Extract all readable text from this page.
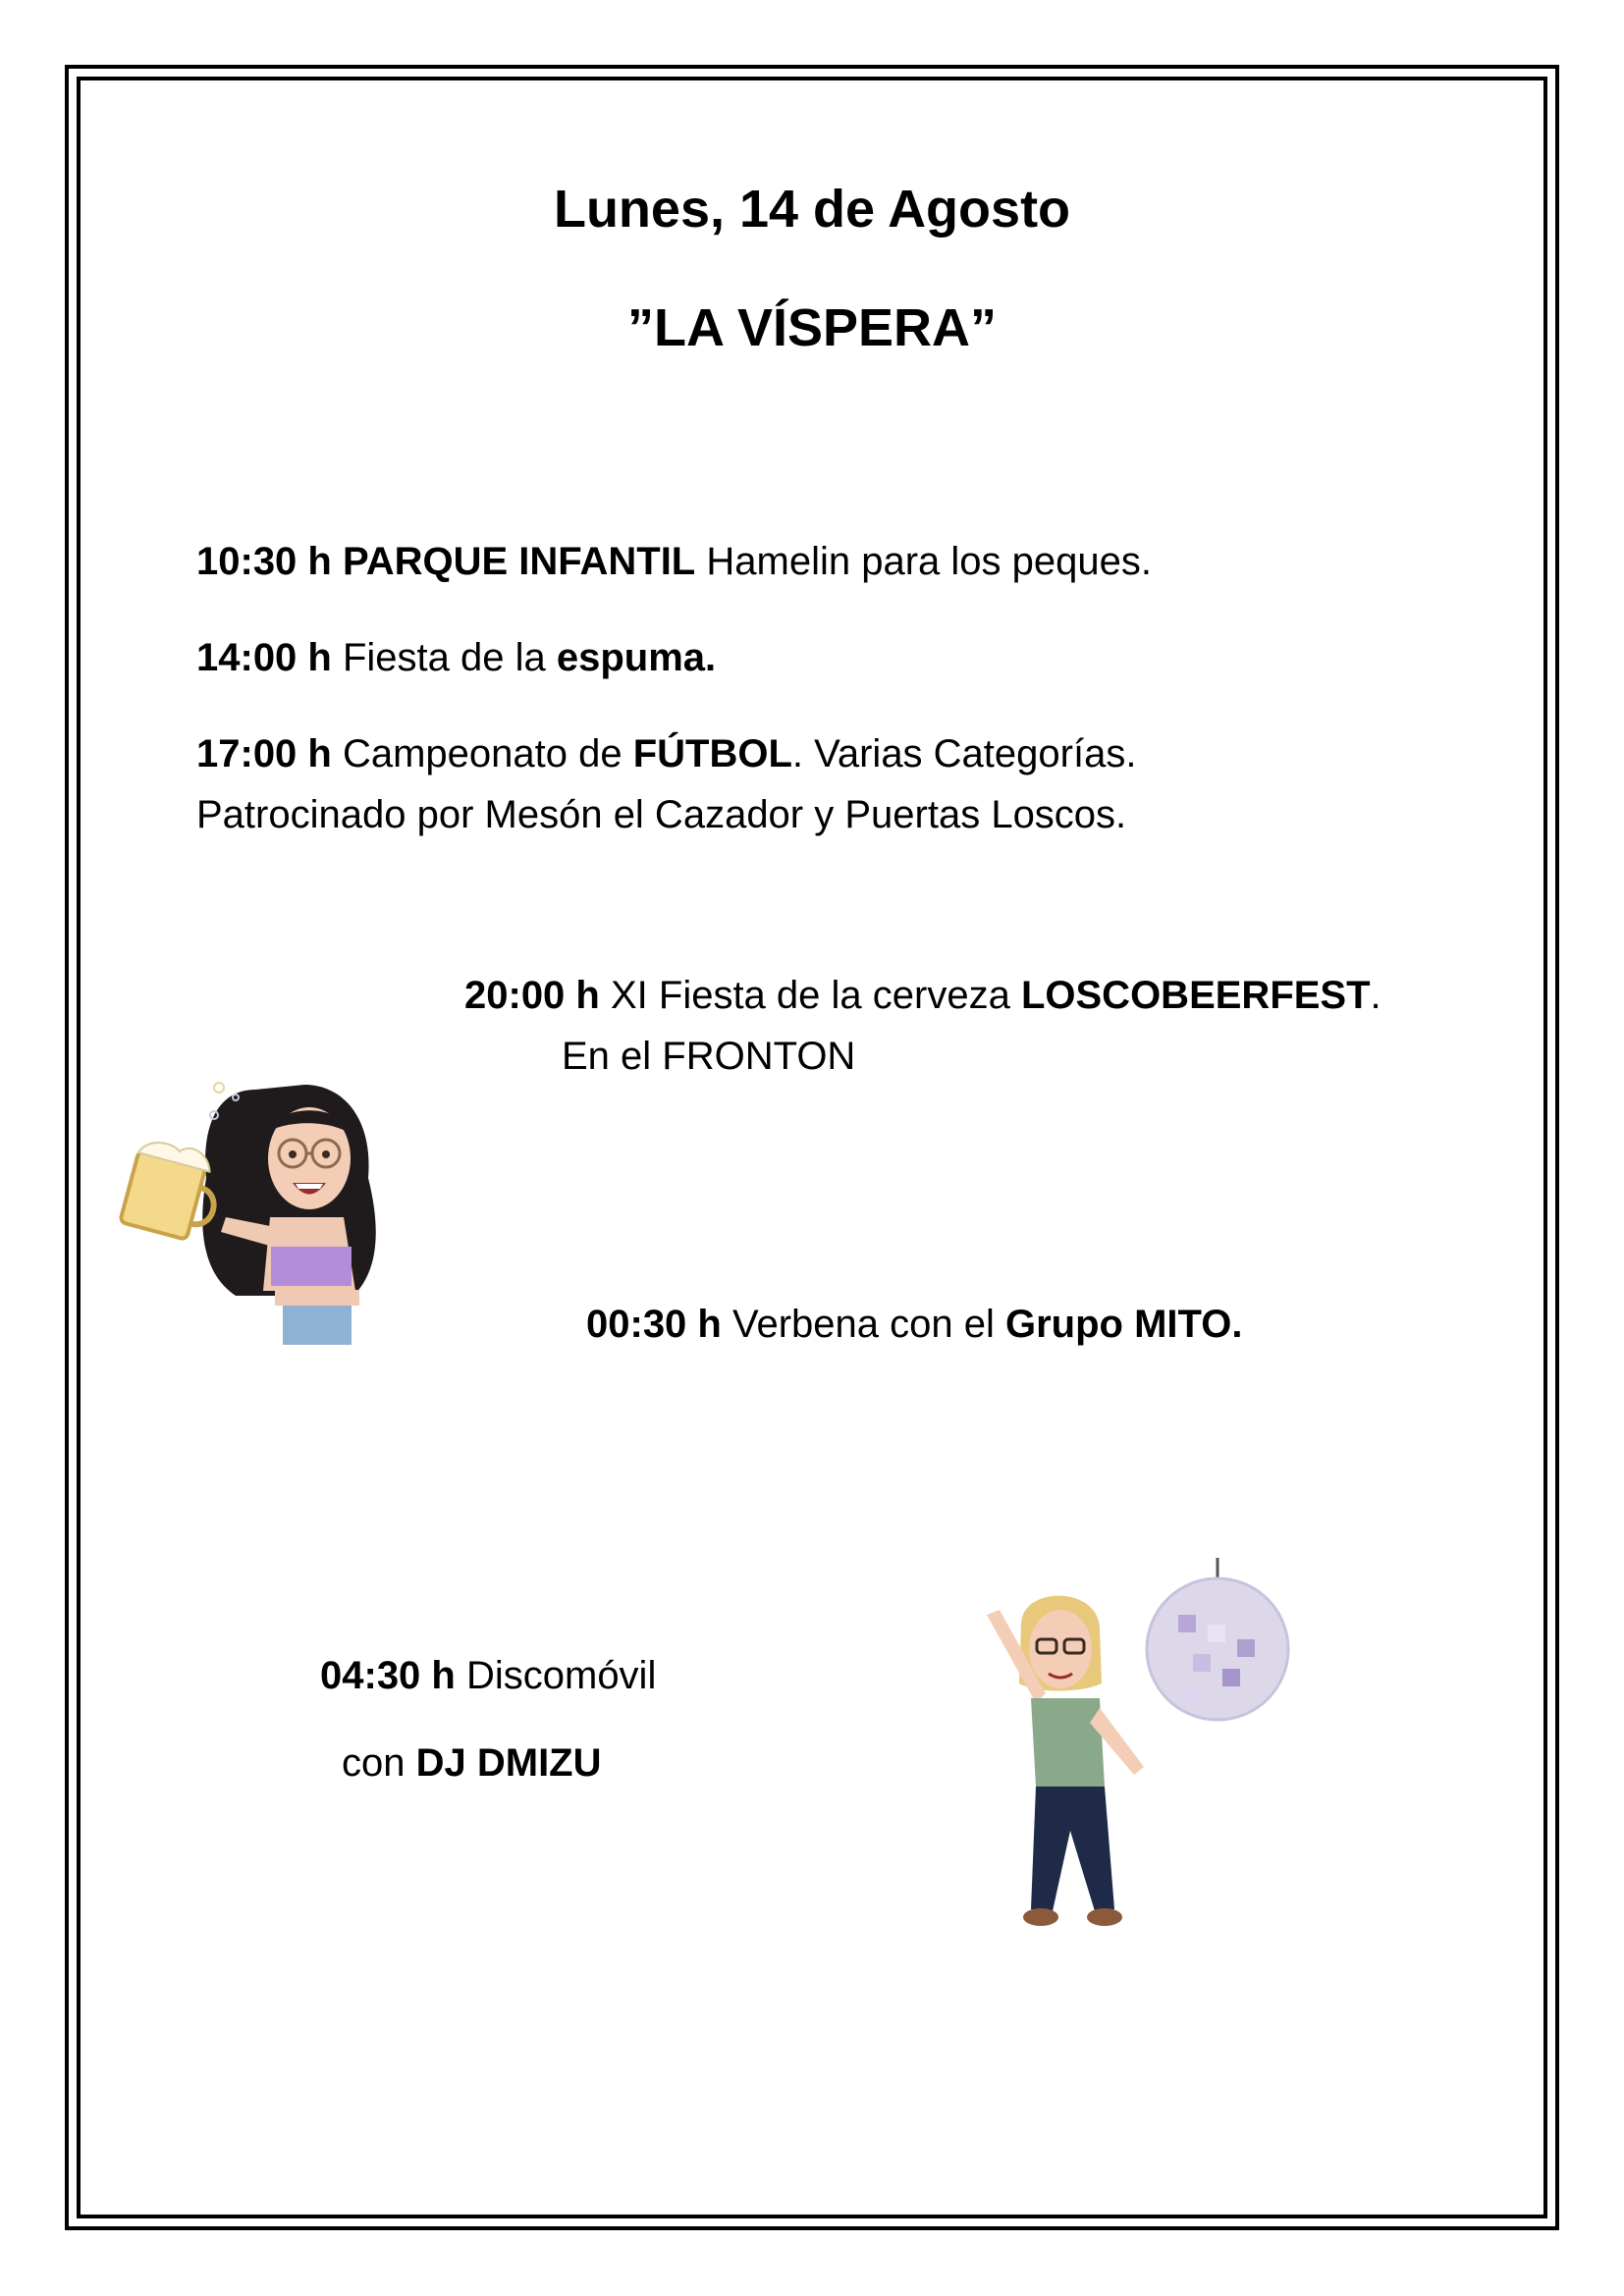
Lunes, 14 de Agosto
”LA VÍSPERA”
10:30 h PARQUE INFANTIL Hamelin para los peques.
14:00 h Fiesta de la espuma.
17:00 h Campeonato de FÚTBOL. Varias Categorías.
Patrocinado por Mesón el Cazador y Puertas Loscos.
20:00 h XI Fiesta de la cerveza LOSCOBEERFEST.
En el FRONTON
00:30 h Verbena con el Grupo MITO.
04:30 h Discomóvil
con DJ DMIZU
